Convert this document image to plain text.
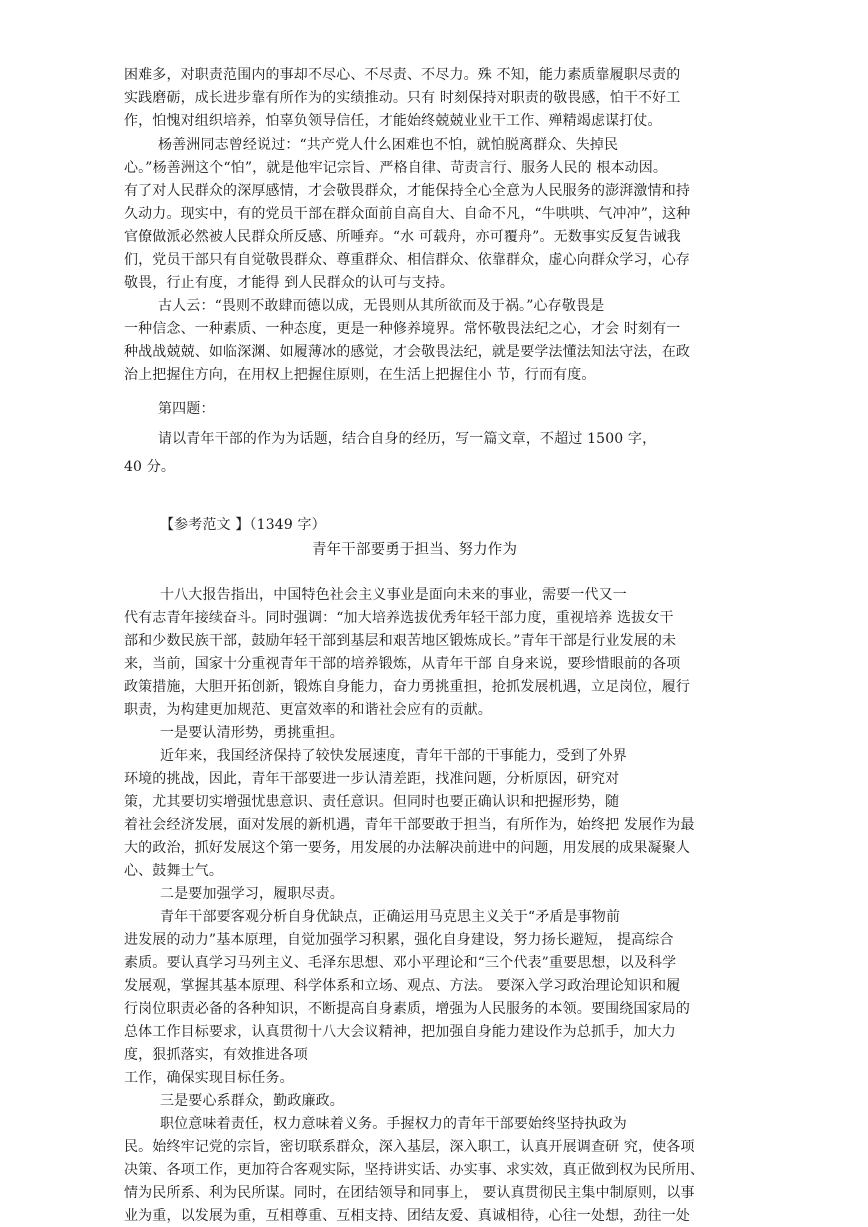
困难多，对职责范围内的事却不尽心、不尽责、不尽力。殊 不知，能力素质靠履职尽责的
实践磨砺，成长进步靠有所作为的实绩推动。只有 时刻保持对职责的敬畏感，怕干不好工
作，怕愧对组织培养，怕辜负领导信任，才能始终兢兢业业干工作、殚精竭虑谋打仗。
杨善洲同志曾经说过：“共产党人什么困难也不怕，就怕脱离群众、失掉民
心。”杨善洲这个“怕”，就是他牢记宗旨、严格自律、苛责言行、服务人民的 根本动因。
有了对人民群众的深厚感情，才会敬畏群众，才能保持全心全意为人民服务的澎湃激情和持
久动力。现实中，有的党员干部在群众面前自高自大、自命不凡，“牛哄哄、气冲冲”，这种
官僚做派必然被人民群众所反感、所唾弃。“水 可载舟，亦可覆舟”。无数事实反复告诫我
们，党员干部只有自觉敬畏群众、尊重群众、相信群众、依靠群众，虚心向群众学习，心存
敬畏，行止有度，才能得 到人民群众的认可与支持。
古人云：“畏则不敢肆而德以成，无畏则从其所欲而及于祸。”心存敬畏是
一种信念、一种素质、一种态度，更是一种修养境界。常怀敬畏法纪之心，才会 时刻有一
种战战兢兢、如临深渊、如履薄冰的感觉，才会敬畏法纪，就是要学法懂法知法守法，在政
治上把握住方向，在用权上把握住原则，在生活上把握住小 节，行而有度。
第四题：
请以青年干部的作为为话题，结合自身的经历，写一篇文章，不超过 1500 字，
40 分。
【参考范文 】（1349 字）
青年干部要勇于担当、努力作为
十八大报告指出，中国特色社会主义事业是面向未来的事业，需要一代又一
代有志青年接续奋斗。同时强调：“加大培养选拔优秀年轻干部力度，重视培养 选拔女干
部和少数民族干部，鼓励年轻干部到基层和艰苦地区锻炼成长。”青年干部是行业发展的未
来，当前，国家十分重视青年干部的培养锻炼，从青年干部 自身来说，要珍惜眼前的各项
政策措施，大胆开拓创新，锻炼自身能力，奋力勇挑重担，抢抓发展机遇，立足岗位，履行
职责，为构建更加规范、更富效率的和谐社会应有的贡献。
一是要认清形势，勇挑重担。
近年来，我国经济保持了较快发展速度，青年干部的干事能力，受到了外界
环境的挑战，因此，青年干部要进一步认清差距，找准问题，分析原因，研究对
策，尤其要切实增强忧患意识、责任意识。但同时也要正确认识和把握形势，随
着社会经济发展，面对发展的新机遇，青年干部要敢于担当，有所作为，始终把 发展作为最
大的政治，抓好发展这个第一要务，用发展的办法解决前进中的问题，用发展的成果凝聚人
心、鼓舞士气。
二是要加强学习，履职尽责。
青年干部要客观分析自身优缺点，正确运用马克思主义关于“矛盾是事物前
进发展的动力”基本原理，自觉加强学习积累，强化自身建设，努力扬长避短， 提高综合
素质。要认真学习马列主义、毛泽东思想、邓小平理论和“三个代表”重要思想，以及科学
发展观，掌握其基本原理、科学体系和立场、观点、方法。 要深入学习政治理论知识和履
行岗位职责必备的各种知识，不断提高自身素质，增强为人民服务的本领。要围绕国家局的
总体工作目标要求，认真贯彻十八大会议精神，把加强自身能力建设作为总抓手，加大力
度，狠抓落实，有效推进各项
工作，确保实现目标任务。
三是要心系群众，勤政廉政。
职位意味着责任，权力意味着义务。手握权力的青年干部要始终坚持执政为
民。始终牢记党的宗旨，密切联系群众，深入基层，深入职工，认真开展调查研 究，使各项
决策、各项工作，更加符合客观实际，坚持讲实话、办实事、求实效，真正做到权为民所用、
情为民所系、利为民所谋。同时，在团结领导和同事上， 要认真贯彻民主集中制原则，以事
业为重，以发展为重，互相尊重、互相支持、团结友爱、真诚相待，心往一处想，劲往一处
